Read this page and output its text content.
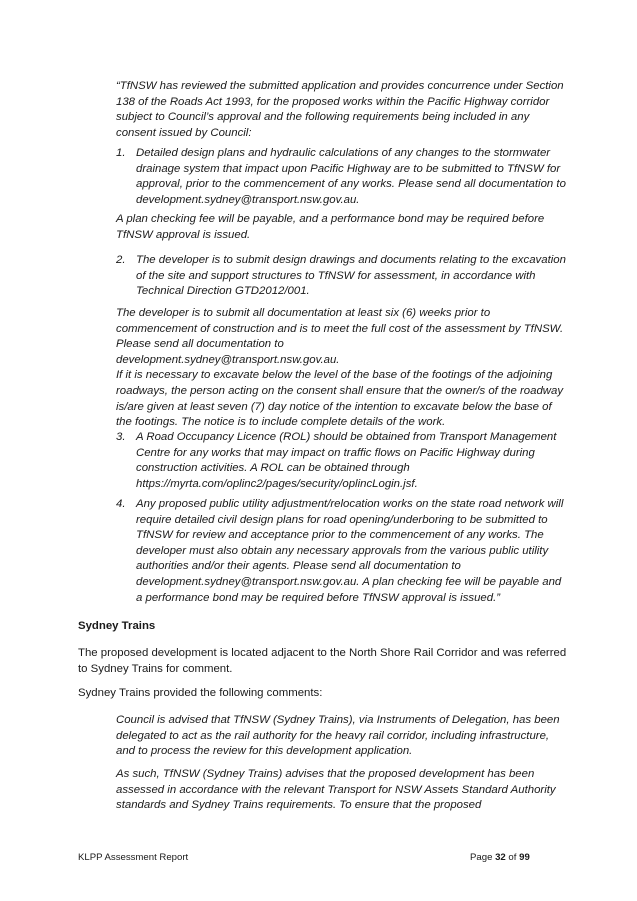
“TfNSW has reviewed the submitted application and provides concurrence under Section 138 of the Roads Act 1993, for the proposed works within the Pacific Highway corridor subject to Council’s approval and the following requirements being included in any consent issued by Council:

1. Detailed design plans and hydraulic calculations of any changes to the stormwater drainage system that impact upon Pacific Highway are to be submitted to TfNSW for approval, prior to the commencement of any works. Please send all documentation to development.sydney@transport.nsw.gov.au.

A plan checking fee will be payable, and a performance bond may be required before TfNSW approval is issued.

2. The developer is to submit design drawings and documents relating to the excavation of the site and support structures to TfNSW for assessment, in accordance with Technical Direction GTD2012/001.

The developer is to submit all documentation at least six (6) weeks prior to commencement of construction and is to meet the full cost of the assessment by TfNSW. Please send all documentation to

development.sydney@transport.nsw.gov.au.

If it is necessary to excavate below the level of the base of the footings of the adjoining roadways, the person acting on the consent shall ensure that the owner/s of the roadway is/are given at least seven (7) day notice of the intention to excavate below the base of the footings. The notice is to include complete details of the work.

3. A Road Occupancy Licence (ROL) should be obtained from Transport Management Centre for any works that may impact on traffic flows on Pacific Highway during construction activities. A ROL can be obtained through https://myrta.com/oplinc2/pages/security/oplincLogin.jsf.
4. Any proposed public utility adjustment/relocation works on the state road network will require detailed civil design plans for road opening/underboring to be submitted to TfNSW for review and acceptance prior to the commencement of any works. The developer must also obtain any necessary approvals from the various public utility authorities and/or their agents. Please send all documentation to development.sydney@transport.nsw.gov.au. A plan checking fee will be payable and a performance bond may be required before TfNSW approval is issued.”

Sydney Trains

The proposed development is located adjacent to the North Shore Rail Corridor and was referred to Sydney Trains for comment.

Sydney Trains provided the following comments:

Council is advised that TfNSW (Sydney Trains), via Instruments of Delegation, has been delegated to act as the rail authority for the heavy rail corridor, including infrastructure, and to process the review for this development application.

As such, TfNSW (Sydney Trains) advises that the proposed development has been assessed in accordance with the relevant Transport for NSW Assets Standard Authority standards and Sydney Trains requirements. To ensure that the proposed

KLPP Assessment Report	Page 32 of 99
